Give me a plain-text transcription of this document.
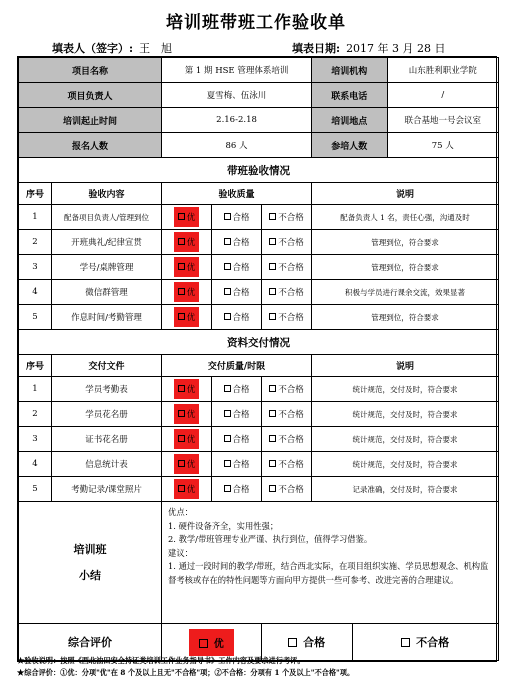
培训班带班工作验收单
填表人（签字）: 王　旭	填表日期: 2017 年 3 月 28 日
项目名称	第 1 期 HSE 管理体系培训		培训机构	山东胜利职业学院

项目负责人	夏雪梅、伍泳川		联系电话	/

培训起止时间	2.16-2.18		培训地点	联合基地一号会议室

报名人数	86 人		参培人数	75 人

带班验收情况
序号	验收内容	验收质量	说明
1	配备项目负责人/管理到位	优	合格	不合格	配备负责人 1 名，责任心强，沟通及时
2	开班典礼/纪律宣贯	优	合格	不合格	管理到位，符合要求
3	学号/桌牌管理	优	合格	不合格	管理到位，符合要求
4	微信群管理	优	合格	不合格	积极与学员进行课余交流，效果显著
5	作息时间/考勤管理	优	合格	不合格	管理到位，符合要求
资料交付情况
序号	交付文件	交付质量/时限	说明
1	学员考勤表	优	合格	不合格	统计规范，交付及时，符合要求
2	学员花名册	优	合格	不合格	统计规范，交付及时，符合要求
3	证书花名册	优	合格	不合格	统计规范，交付及时，符合要求
4	信息统计表	优	合格	不合格	统计规范，交付及时，符合要求
5	考勤记录/课堂照片	优	合格	不合格	记录准确，交付及时，符合要求

培训班
小结

优点：

1. 硬件设备齐全，实用性强；

2. 教学/带班管理专业严谨、执行到位，值得学习借鉴。

建议：

1. 通过一段时间的教学/带班，结合西北实际，在项目组织实施、学员思想观念、机构监督考核或存在的特性问题等方面向甲方提供一些可参考、改进完善的合理建议。

综合评价	优		合格	不合格
★验收说明：按照《西北油田安全持证类培训工作业务指导书》工作内容及要求进行考评。
★综合评价：①优：分项"优"在 8 个及以上且无"不合格"项；②不合格：分项有 1 个及以上"不合格"项。
